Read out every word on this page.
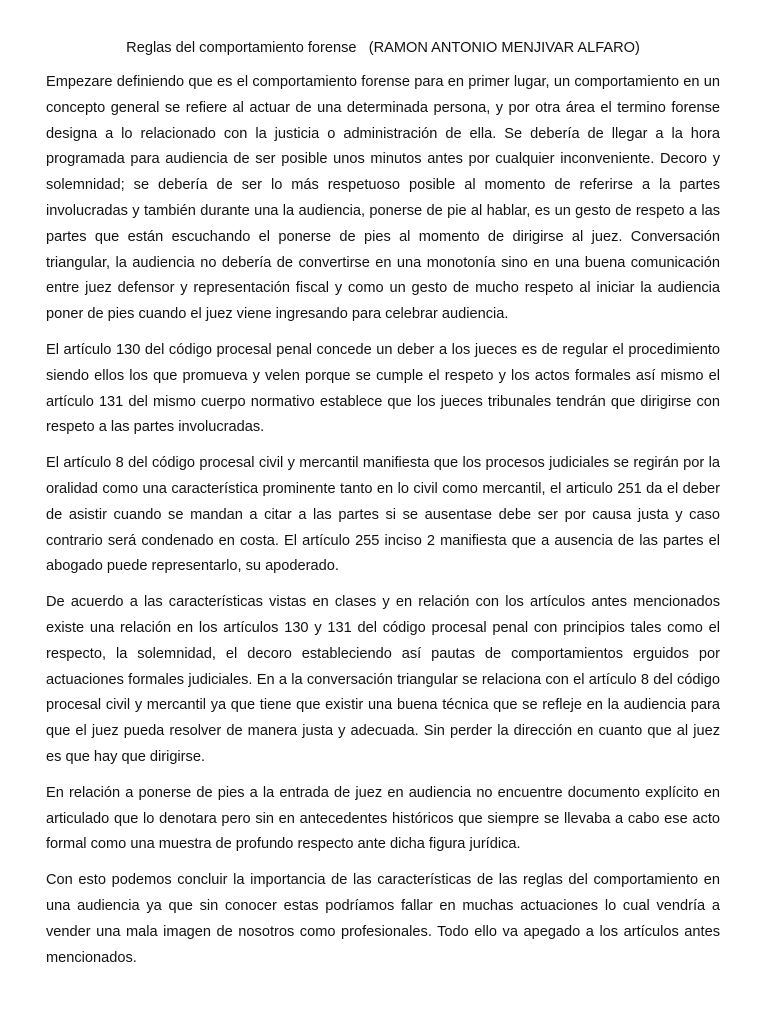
Reglas del comportamiento forense   (RAMON ANTONIO MENJIVAR ALFARO)

Empezare definiendo que es el comportamiento forense para en primer lugar, un comportamiento en un concepto general se refiere al actuar de una determinada persona, y por otra área el termino forense designa a lo relacionado con la justicia o administración de ella. Se debería de llegar a la hora programada para audiencia de ser posible unos minutos antes por cualquier inconveniente. Decoro y solemnidad; se debería de ser lo más respetuoso posible al momento de referirse a la partes involucradas y también durante una la audiencia, ponerse de pie al hablar, es un gesto de respeto a las partes que están escuchando el ponerse de pies al momento de dirigirse al juez. Conversación triangular, la audiencia no debería de convertirse en una monotonía sino en una buena comunicación entre juez defensor y representación fiscal y como un gesto de mucho respeto al iniciar la audiencia poner de pies cuando el juez viene ingresando para celebrar audiencia.

El artículo 130 del código procesal penal concede un deber a los jueces es de regular el procedimiento siendo ellos los que promueva y velen porque se cumple el respeto y los actos formales así mismo el artículo 131 del mismo cuerpo normativo establece que los jueces tribunales tendrán que dirigirse con respeto a las partes involucradas.

El artículo 8 del código procesal civil y mercantil manifiesta que los procesos judiciales se regirán por la oralidad como una característica prominente tanto en lo civil como mercantil, el articulo 251 da el deber de asistir cuando se mandan a citar a las partes si se ausentase debe ser por causa justa y caso contrario será condenado en costa. El artículo 255 inciso 2 manifiesta que a ausencia de las partes el abogado puede representarlo, su apoderado.

De acuerdo a las características vistas en clases y en relación con los artículos antes mencionados existe una relación en los artículos 130 y 131 del código procesal penal con principios tales como el respecto, la solemnidad, el decoro estableciendo así pautas de comportamientos erguidos por actuaciones formales judiciales. En a la conversación triangular se relaciona con el artículo 8 del código procesal civil y mercantil ya que tiene que existir una buena técnica que se refleje en la audiencia para que el juez pueda resolver de manera justa y adecuada. Sin perder la dirección en cuanto que al juez es que hay que dirigirse.

En relación a ponerse de pies a la entrada de juez en audiencia no encuentre documento explícito en articulado que lo denotara pero sin en antecedentes históricos que siempre se llevaba a cabo ese acto formal como una muestra de profundo respecto ante dicha figura jurídica.

Con esto podemos concluir la importancia de las características de las reglas del comportamiento en una audiencia ya que sin conocer estas podríamos fallar en muchas actuaciones lo cual vendría a vender una mala imagen de nosotros como profesionales. Todo ello va apegado a los artículos antes mencionados.
